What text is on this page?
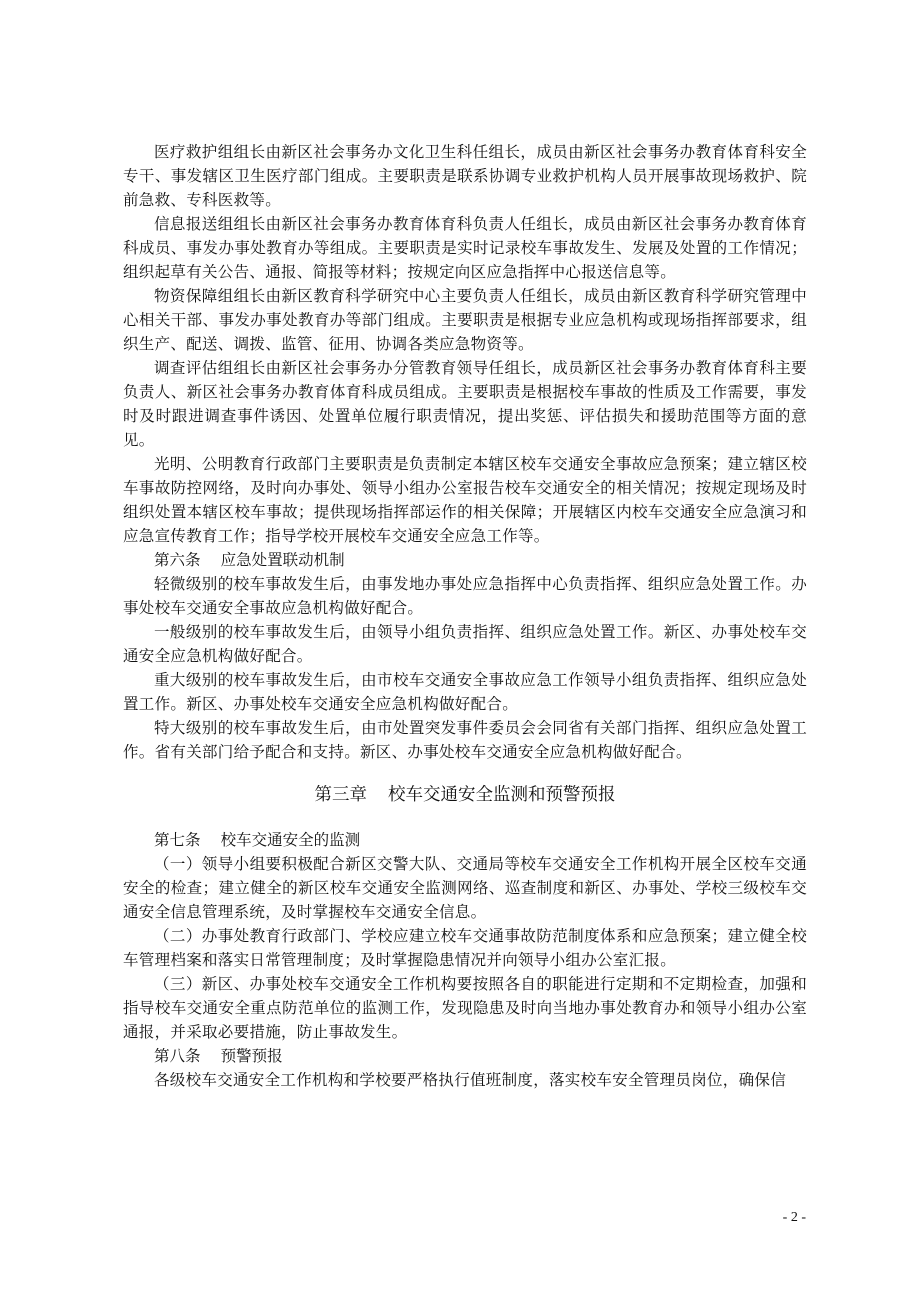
医疗救护组组长由新区社会事务办文化卫生科任组长，成员由新区社会事务办教育体育科安全专干、事发辖区卫生医疗部门组成。主要职责是联系协调专业救护机构人员开展事故现场救护、院前急救、专科医救等。

信息报送组组长由新区社会事务办教育体育科负责人任组长，成员由新区社会事务办教育体育科成员、事发办事处教育办等组成。主要职责是实时记录校车事故发生、发展及处置的工作情况；组织起草有关公告、通报、简报等材料；按规定向区应急指挥中心报送信息等。

物资保障组组长由新区教育科学研究中心主要负责人任组长，成员由新区教育科学研究管理中心相关干部、事发办事处教育办等部门组成。主要职责是根据专业应急机构或现场指挥部要求，组织生产、配送、调拨、监管、征用、协调各类应急物资等。

调查评估组组长由新区社会事务办分管教育领导任组长，成员新区社会事务办教育体育科主要负责人、新区社会事务办教育体育科成员组成。主要职责是根据校车事故的性质及工作需要，事发时及时跟进调查事件诱因、处置单位履行职责情况，提出奖惩、评估损失和援助范围等方面的意见。

光明、公明教育行政部门主要职责是负责制定本辖区校车交通安全事故应急预案；建立辖区校车事故防控网络，及时向办事处、领导小组办公室报告校车交通安全的相关情况；按规定现场及时组织处置本辖区校车事故；提供现场指挥部运作的相关保障；开展辖区内校车交通安全应急演习和应急宣传教育工作；指导学校开展校车交通安全应急工作等。

第六条 应急处置联动机制

轻微级别的校车事故发生后，由事发地办事处应急指挥中心负责指挥、组织应急处置工作。办事处校车交通安全事故应急机构做好配合。

一般级别的校车事故发生后，由领导小组负责指挥、组织应急处置工作。新区、办事处校车交通安全应急机构做好配合。

重大级别的校车事故发生后，由市校车交通安全事故应急工作领导小组负责指挥、组织应急处置工作。新区、办事处校车交通安全应急机构做好配合。

特大级别的校车事故发生后，由市处置突发事件委员会会同省有关部门指挥、组织应急处置工作。省有关部门给予配合和支持。新区、办事处校车交通安全应急机构做好配合。

第三章 校车交通安全监测和预警预报

第七条 校车交通安全的监测

（一）领导小组要积极配合新区交警大队、交通局等校车交通安全工作机构开展全区校车交通安全的检查；建立健全的新区校车交通安全监测网络、巡查制度和新区、办事处、学校三级校车交通安全信息管理系统，及时掌握校车交通安全信息。

（二）办事处教育行政部门、学校应建立校车交通事故防范制度体系和应急预案；建立健全校车管理档案和落实日常管理制度；及时掌握隐患情况并向领导小组办公室汇报。

（三）新区、办事处校车交通安全工作机构要按照各自的职能进行定期和不定期检查，加强和指导校车交通安全重点防范单位的监测工作，发现隐患及时向当地办事处教育办和领导小组办公室通报，并采取必要措施，防止事故发生。

第八条 预警预报

各级校车交通安全工作机构和学校要严格执行值班制度，落实校车安全管理员岗位，确保信

- 2 -
